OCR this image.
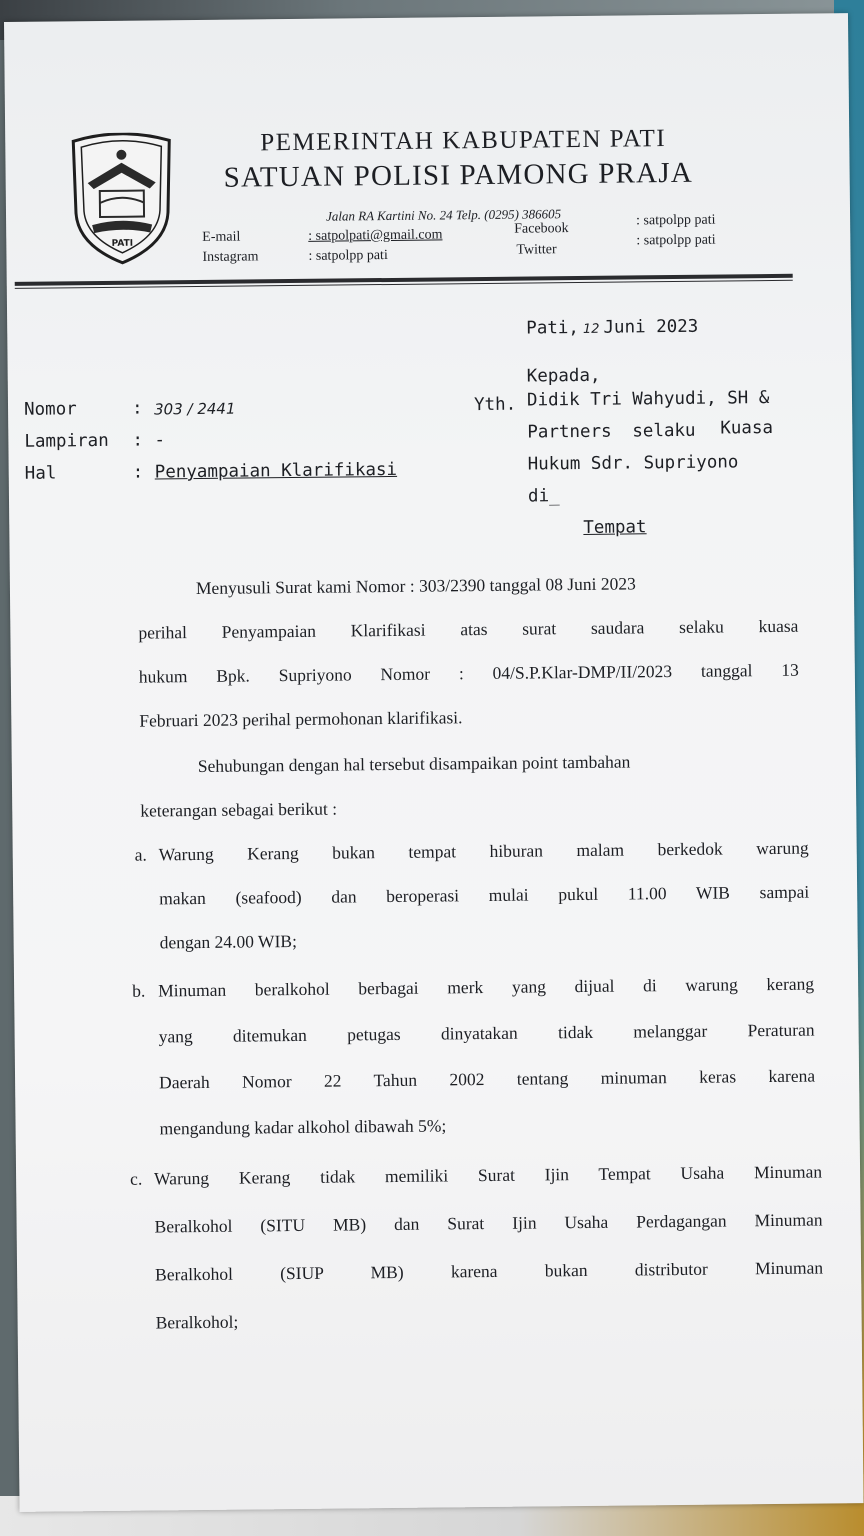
PATI
PEMERINTAH KABUPATEN PATI
SATUAN POLISI PAMONG PRAJA
Jalan RA Kartini No. 24 Telp. (0295) 386605
E-mail	: satpolpati@gmail.com
Instagram	: satpolpp pati
Facebook
: satpolpp pati
Twitter
: satpolpp pati
Pati, 12 Juni 2023
Kepada,
Yth. Didik Tri Wahyudi, SH &
Partners selaku Kuasa
Hukum Sdr. Supriyono
di_
Tempat
Nomor	: 303 / 2441
Lampiran : -
Hal	: Penyampaian Klarifikasi
Menyusuli Surat kami Nomor : 303/2390 tanggal 08 Juni 2023
perihal Penyampaian Klarifikasi atas surat saudara selaku kuasa
hukum Bpk. Supriyono Nomor : 04/S.P.Klar-DMP/II/2023 tanggal 13
Februari 2023 perihal permohonan klarifikasi.
Sehubungan dengan hal tersebut disampaikan point tambahan
keterangan sebagai berikut :
a. Warung Kerang bukan tempat hiburan malam berkedok warung
makan (seafood) dan beroperasi mulai pukul 11.00 WIB sampai
dengan 24.00 WIB;
b. Minuman beralkohol berbagai merk yang dijual di warung kerang
yang ditemukan petugas dinyatakan tidak melanggar Peraturan
Daerah Nomor 22 Tahun 2002 tentang minuman keras karena
mengandung kadar alkohol dibawah 5%;
c. Warung Kerang tidak memiliki Surat Ijin Tempat Usaha Minuman
Beralkohol (SITU MB) dan Surat Ijin Usaha Perdagangan Minuman
Beralkohol (SIUP MB) karena bukan distributor Minuman
Beralkohol;
